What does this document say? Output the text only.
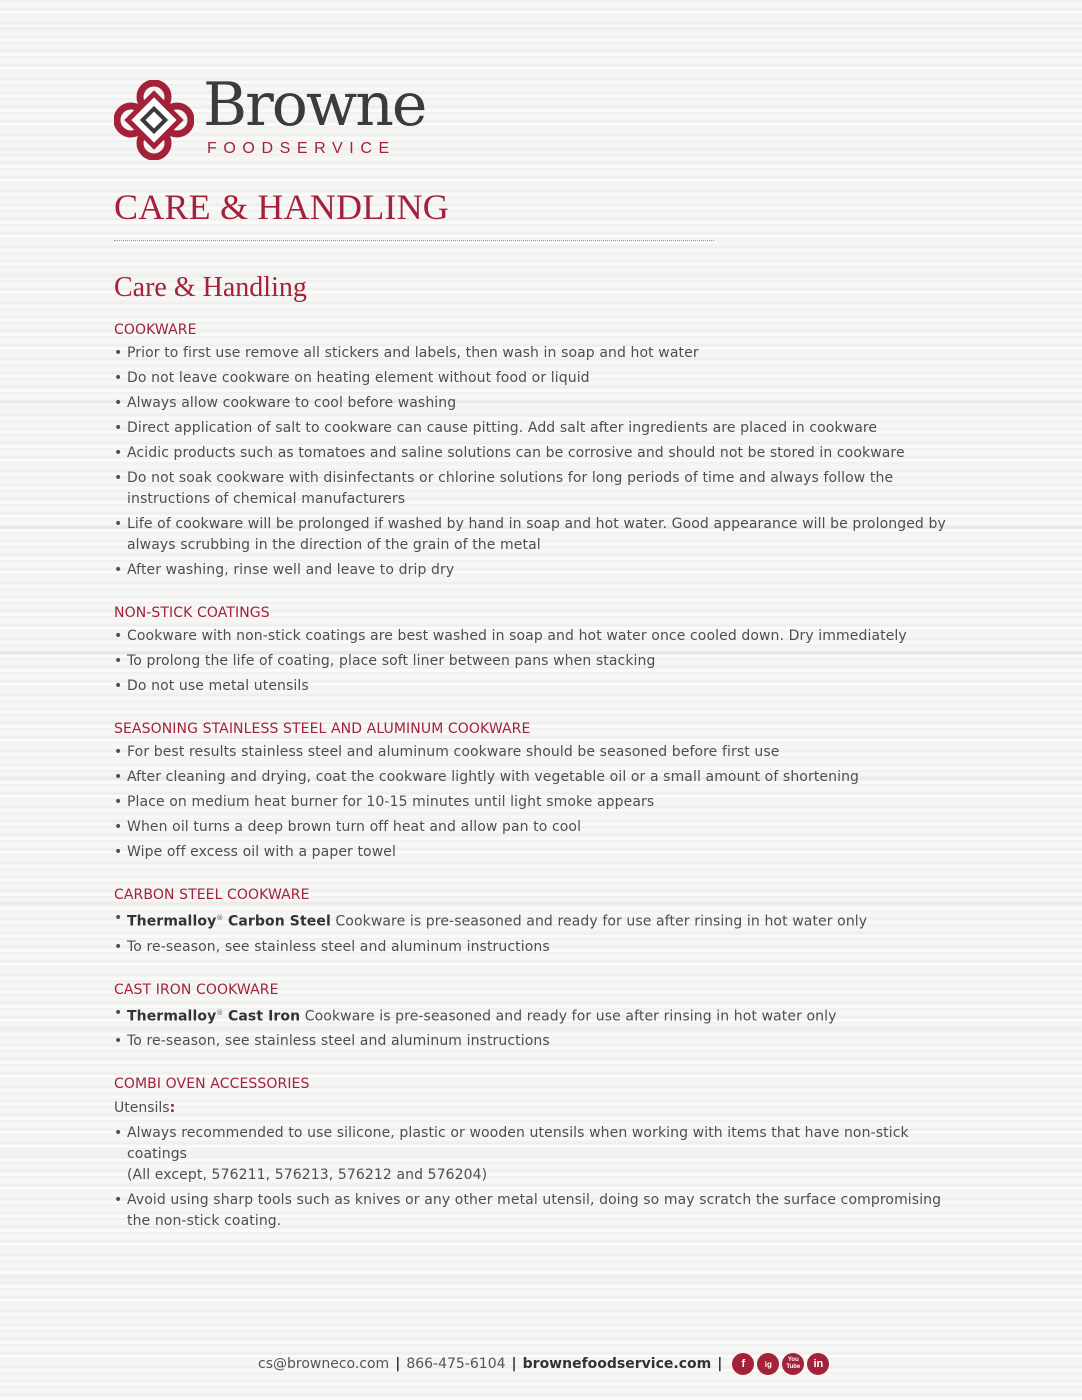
Browne
FOODSERVICE
CARE & HANDLING
Care & Handling
COOKWARE
• Prior to first use remove all stickers and labels, then wash in soap and hot water
• Do not leave cookware on heating element without food or liquid
• Always allow cookware to cool before washing
• Direct application of salt to cookware can cause pitting. Add salt after ingredients are placed in cookware
• Acidic products such as tomatoes and saline solutions can be corrosive and should not be stored in cookware
• Do not soak cookware with disinfectants or chlorine solutions for long periods of time and always follow the instructions of chemical manufacturers
• Life of cookware will be prolonged if washed by hand in soap and hot water. Good appearance will be prolonged by always scrubbing in the direction of the grain of the metal
• After washing, rinse well and leave to drip dry
NON-STICK COATINGS
• Cookware with non-stick coatings are best washed in soap and hot water once cooled down. Dry immediately
• To prolong the life of coating, place soft liner between pans when stacking
• Do not use metal utensils
SEASONING STAINLESS STEEL AND ALUMINUM COOKWARE
• For best results stainless steel and aluminum cookware should be seasoned before first use
• After cleaning and drying, coat the cookware lightly with vegetable oil or a small amount of shortening
• Place on medium heat burner for 10-15 minutes until light smoke appears
• When oil turns a deep brown turn off heat and allow pan to cool
• Wipe off excess oil with a paper towel
CARBON STEEL COOKWARE
• Thermalloy® Carbon Steel Cookware is pre-seasoned and ready for use after rinsing in hot water only
• To re-season, see stainless steel and aluminum instructions
CAST IRON COOKWARE
• Thermalloy® Cast Iron Cookware is pre-seasoned and ready for use after rinsing in hot water only
• To re-season, see stainless steel and aluminum instructions
COMBI OVEN ACCESSORIES
Utensils:
• Always recommended to use silicone, plastic or wooden utensils when working with items that have non-stick coatings
(All except, 576211, 576213, 576212 and 576204)
• Avoid using sharp tools such as knives or any other metal utensil, doing so may scratch the surface compromising the non-stick coating.
cs@browneco.com | 866-475-6104 | brownefoodservice.com |	f	ig	You Tube	in
